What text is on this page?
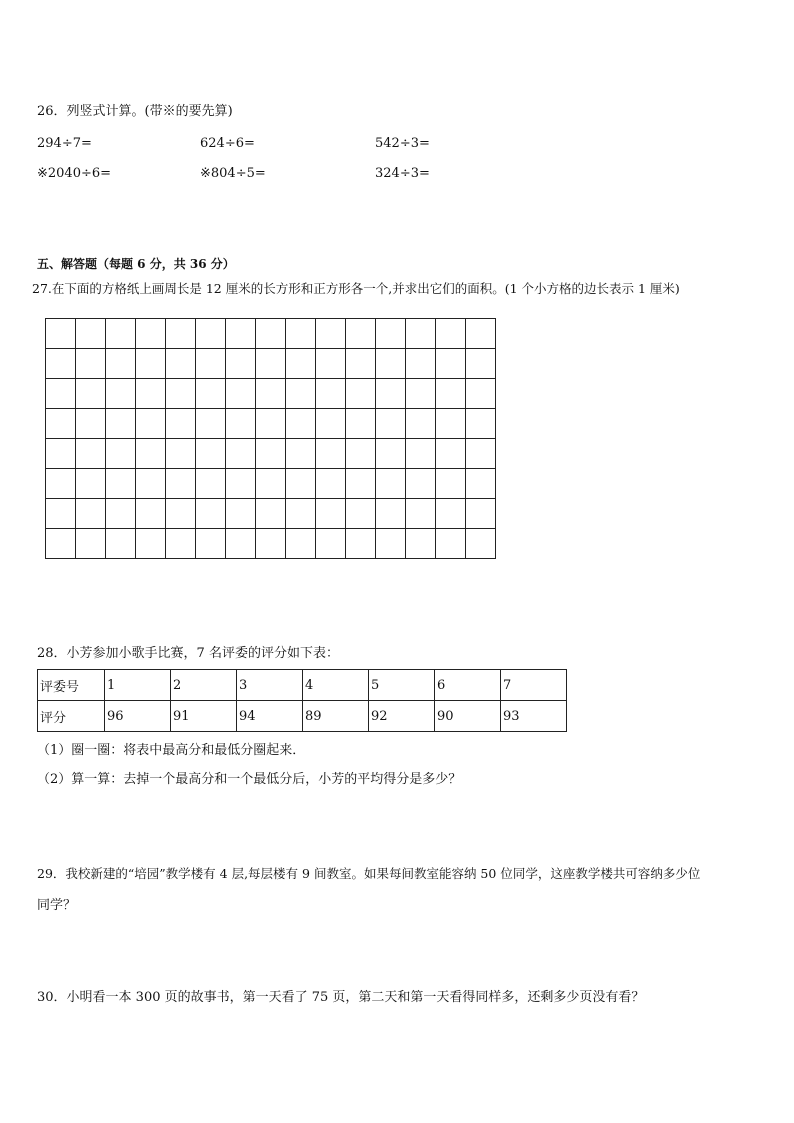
26．列竖式计算。(带※的要先算)
294÷7=	624÷6=	542÷3=
※2040÷6=	※804÷5=	324÷3=
五、解答题（每题 6 分，共 36 分）
27.在下面的方格纸上画周长是 12 厘米的长方形和正方形各一个,并求出它们的面积。(1 个小方格的边长表示 1 厘米)

28．小芳参加小歌手比赛，7 名评委的评分如下表：
评委号	1	2	3	4	5	6	7
评分	96	91	94	89	92	90	93
（1）圈一圈：将表中最高分和最低分圈起来．
（2）算一算：去掉一个最高分和一个最低分后，小芳的平均得分是多少？
29．我校新建的“培园”教学楼有 4 层,每层楼有 9 间教室。如果每间教室能容纳 50 位同学，这座教学楼共可容纳多少位
同学？
30．小明看一本 300 页的故事书，第一天看了 75 页，第二天和第一天看得同样多，还剩多少页没有看？
